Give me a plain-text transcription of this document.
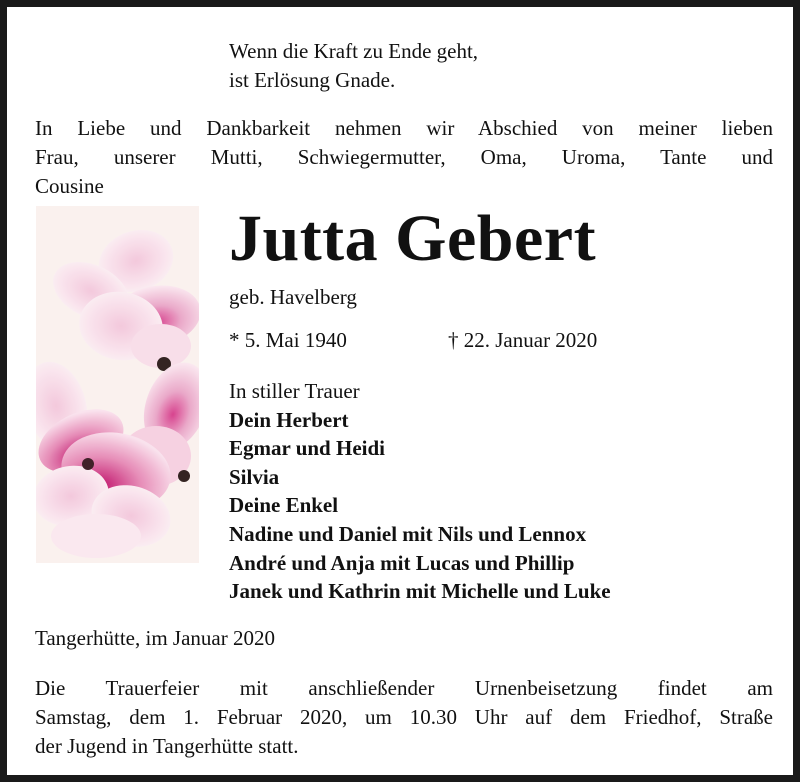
Wenn die Kraft zu Ende geht,
ist Erlösung Gnade.
In Liebe und Dankbarkeit nehmen wir Abschied von meiner lieben
Frau, unserer Mutti, Schwiegermutter, Oma, Uroma, Tante und
Cousine
Jutta Gebert
geb. Havelberg
* 5. Mai 1940	† 22. Januar 2020
In stiller Trauer
Dein Herbert
Egmar und Heidi
Silvia
Deine Enkel
Nadine und Daniel mit Nils und Lennox
André und Anja mit Lucas und Phillip
Janek und Kathrin mit Michelle und Luke
Tangerhütte, im Januar 2020
Die Trauerfeier mit anschließender Urnenbeisetzung findet am
Samstag, dem 1. Februar 2020, um 10.30 Uhr auf dem Friedhof, Straße
der Jugend in Tangerhütte statt.
